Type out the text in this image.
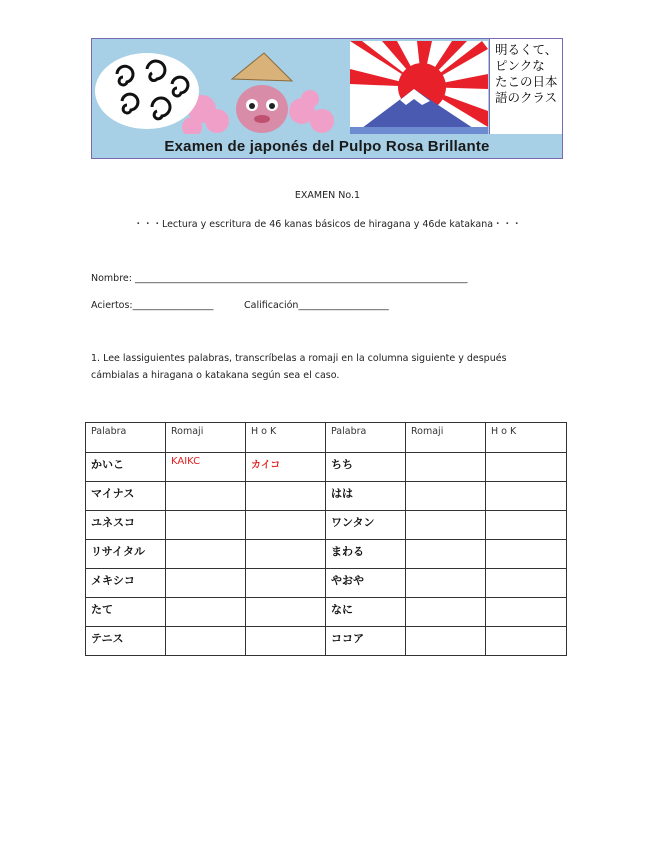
明るくて、
ピンクな
たこの日本
語のクラス
Examen de japonés del Pulpo Rosa Brillante
EXAMEN No.1
・・・Lectura y escritura de 46 kanas básicos de hiragana y 46de katakana・・・
Nombre: ______________________________________________________________________
Aciertos:_________________	Calificación___________________
1. Lee lassiguientes palabras, transcríbelas a romaji en la columna siguiente y después
cámbialas a hiragana o katakana según sea el caso.
Palabra	Romaji	H o K	Palabra	Romaji	H o K
かいこ	KAIKC	カイコ	ちち		
マイナス			はは		
ユネスコ			ワンタン		
リサイタル			まわる		
メキシコ			やおや		
たて			なに		
テニス			ココア		
